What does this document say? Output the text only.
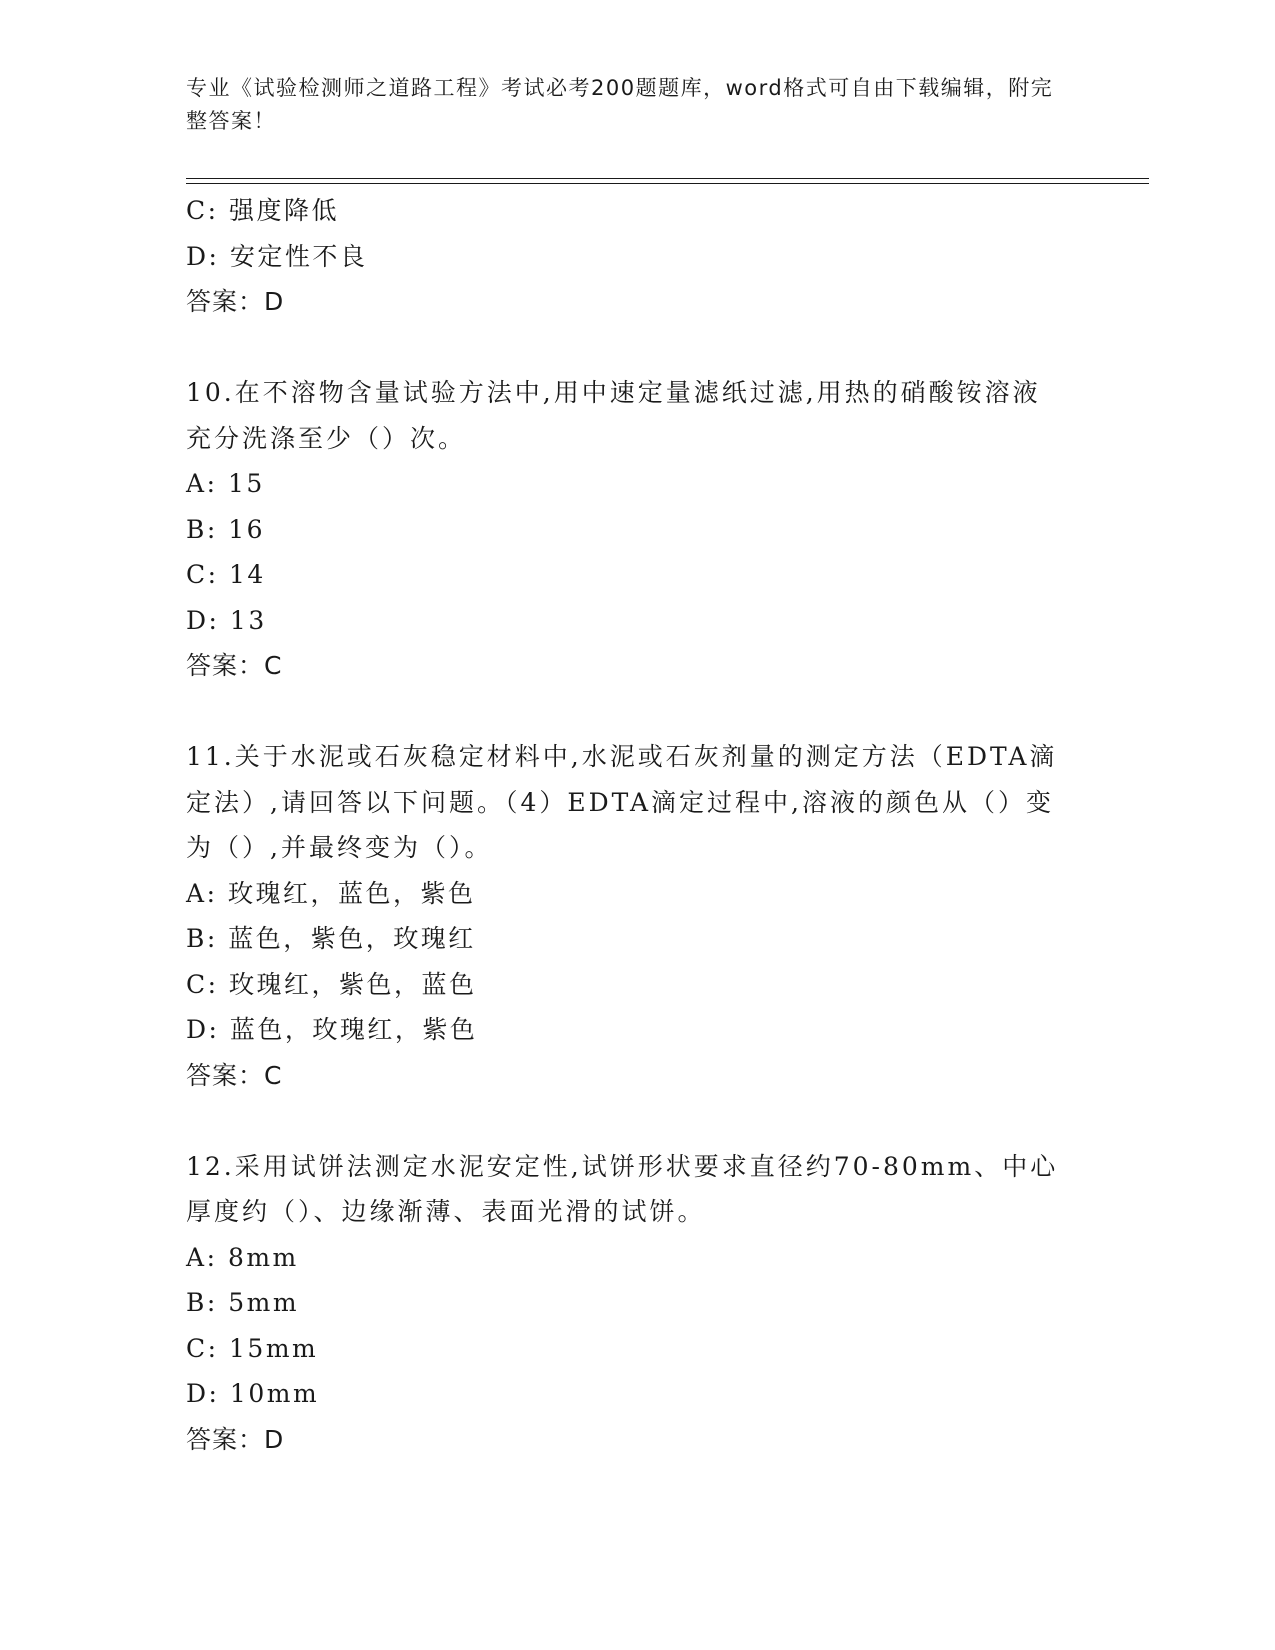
专业《试验检测师之道路工程》考试必考200题题库，word格式可自由下载编辑，附完整答案！
C: 强度降低
D: 安定性不良
答案：D
10.在不溶物含量试验方法中,用中速定量滤纸过滤,用热的硝酸铵溶液充分洗涤至少（）次。
A: 15
B: 16
C: 14
D: 13
答案：C
11.关于水泥或石灰稳定材料中,水泥或石灰剂量的测定方法（EDTA滴定法）,请回答以下问题。（4）EDTA滴定过程中,溶液的颜色从（）变为（）,并最终变为（）。
A: 玫瑰红，蓝色，紫色
B: 蓝色，紫色，玫瑰红
C: 玫瑰红，紫色，蓝色
D: 蓝色，玫瑰红，紫色
答案：C
12.采用试饼法测定水泥安定性,试饼形状要求直径约70-80mm、中心厚度约（）、边缘渐薄、表面光滑的试饼。
A: 8mm
B: 5mm
C: 15mm
D: 10mm
答案：D
